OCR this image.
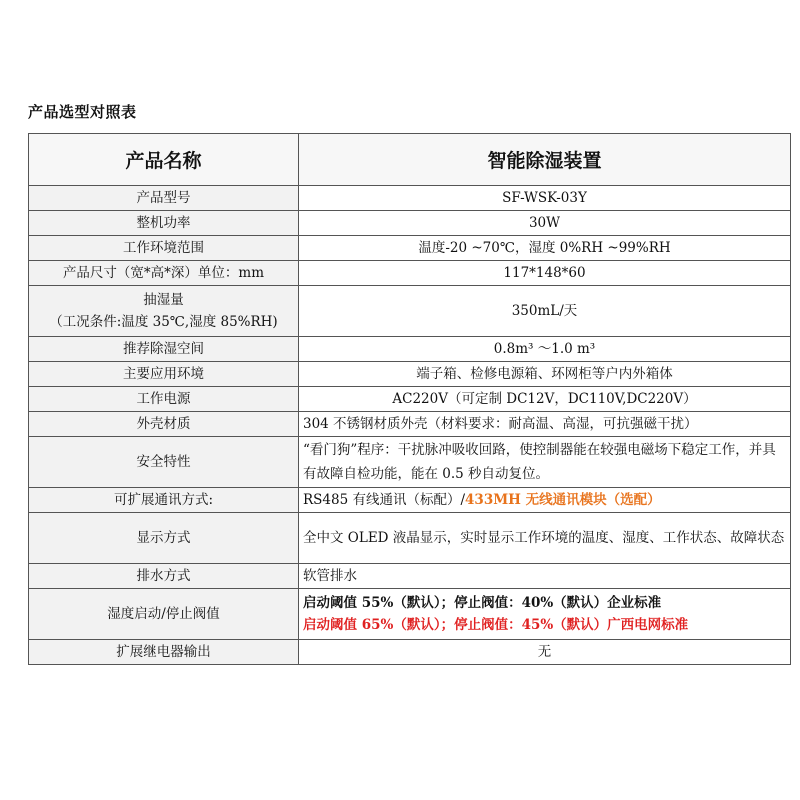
产品选型对照表
产品名称	智能除湿装置
产品型号	SF-WSK-03Y
整机功率	30W
工作环境范围	温度-20 ~70℃，湿度 0%RH ~99%RH
产品尺寸（宽*高*深）单位：mm	117*148*60

抽湿量
（工况条件:温度 35℃,湿度 85%RH)	350mL/天
推荐除湿空间	0.8m³ ～1.0 m³
主要应用环境	端子箱、检修电源箱、环网柜等户内外箱体
工作电源	AC220V（可定制 DC12V，DC110V,DC220V）
外壳材质	304 不锈钢材质外壳（材料要求：耐高温、高湿，可抗强磁干扰）
安全特性	“看门狗”程序：干扰脉冲吸收回路，使控制器能在较强电磁场下稳定工作，并具有故障自检功能，能在 0.5 秒自动复位。
可扩展通讯方式:	RS485 有线通讯（标配）/433MH 无线通讯模块（选配）
显示方式	全中文 OLED 液晶显示，实时显示工作环境的温度、湿度、工作状态、故障状态
排水方式	软管排水
湿度启动/停止阀值	启动阈值 55%（默认）；停止阀值：40%（默认）企业标准
启动阈值 65%（默认）；停止阀值：45%（默认）广西电网标准

扩展继电器输出	无
